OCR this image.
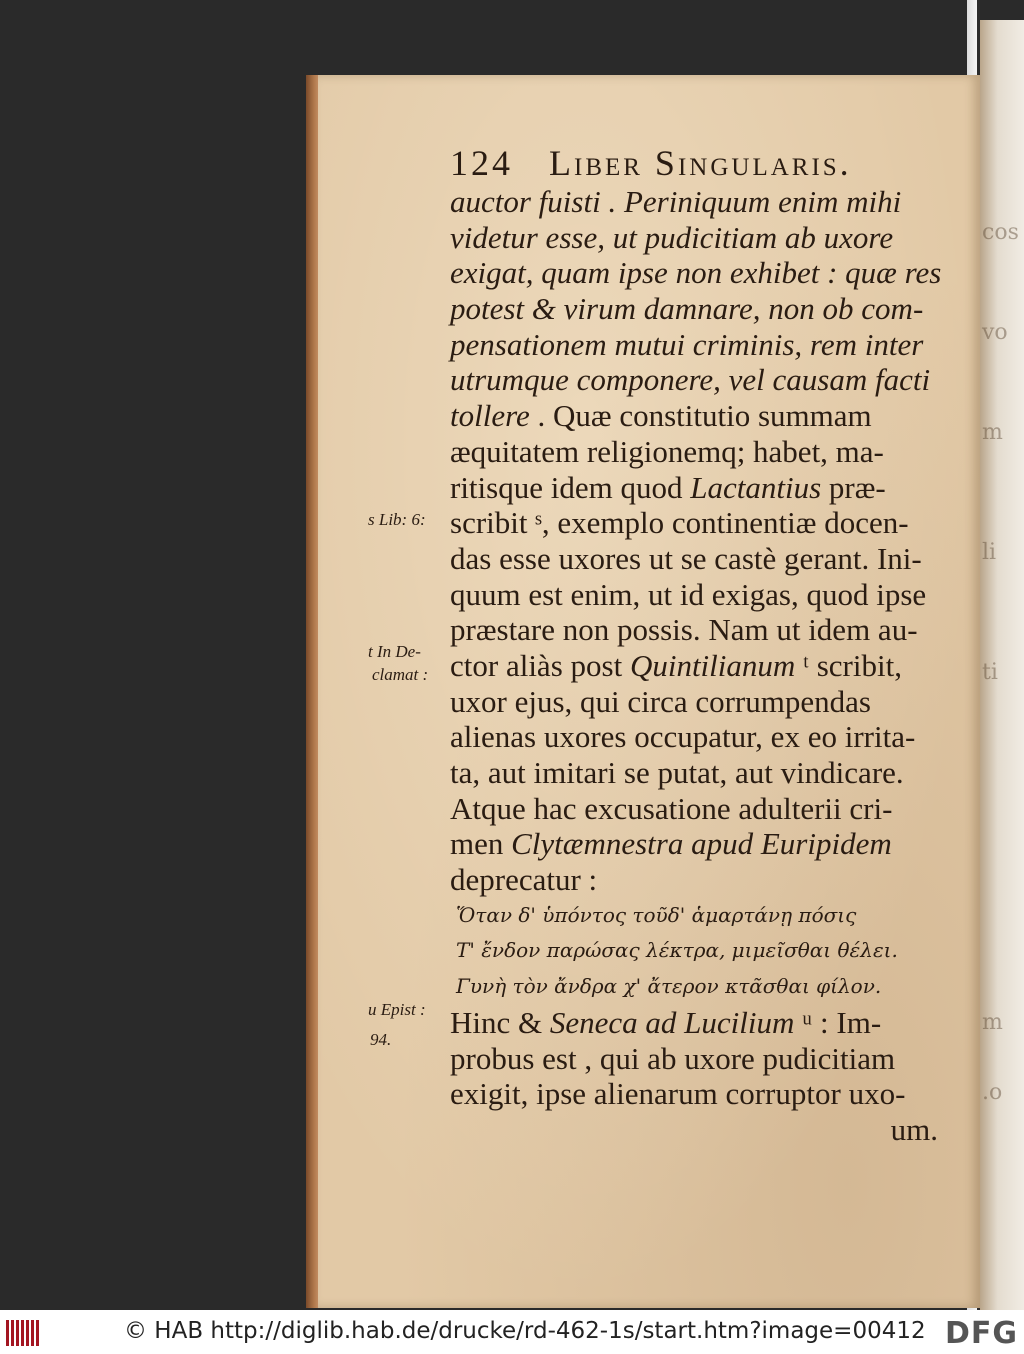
cos
vo
m
li
ti
m
.o
124 Liber Singularis.
auctor fuisti . Periniquum enim mihi
videtur esse, ut pudicitiam ab uxore
exigat, quam ipse non exhibet : quæ res
potest & virum damnare, non ob com-
pensationem mutui criminis, rem inter
utrumque componere, vel causam facti
tollere . Quæ constitutio summam
æquitatem religionemq; habet, ma-
ritisque idem quod Lactantius præ-
scribit ˢ, exemplo continentiæ docen-
das esse uxores ut se castè gerant. Ini-
quum est enim, ut id exigas, quod ipse
præstare non possis. Nam ut idem au-
ctor aliàs post Quintilianum ᵗ scribit,
uxor ejus, qui circa corrumpendas
alienas uxores occupatur, ex eo irrita-
ta, aut imitari se putat, aut vindicare.
Atque hac excusatione adulterii cri-
men Clytæmnestra apud Euripidem
deprecatur :
Ὅταν δ' ὑπόντος τοῦδ' ἁμαρτάνῃ πόσις
Τ' ἔνδον παρώσας λέκτρα, μιμεῖσθαι θέλει.
Γυνὴ τὸν ἄνδρα χ' ἄτερον κτᾶσθαι φίλον.
Hinc & Seneca ad Lucilium ᵘ : Im-
probus est , qui ab uxore pudicitiam
exigit, ipse alienarum corruptor uxo-
um.
s Lib: 6:
t In De-
clamat :
u Epist :
94.
© HAB http://diglib.hab.de/drucke/rd-462-1s/start.htm?image=00412 DFG
